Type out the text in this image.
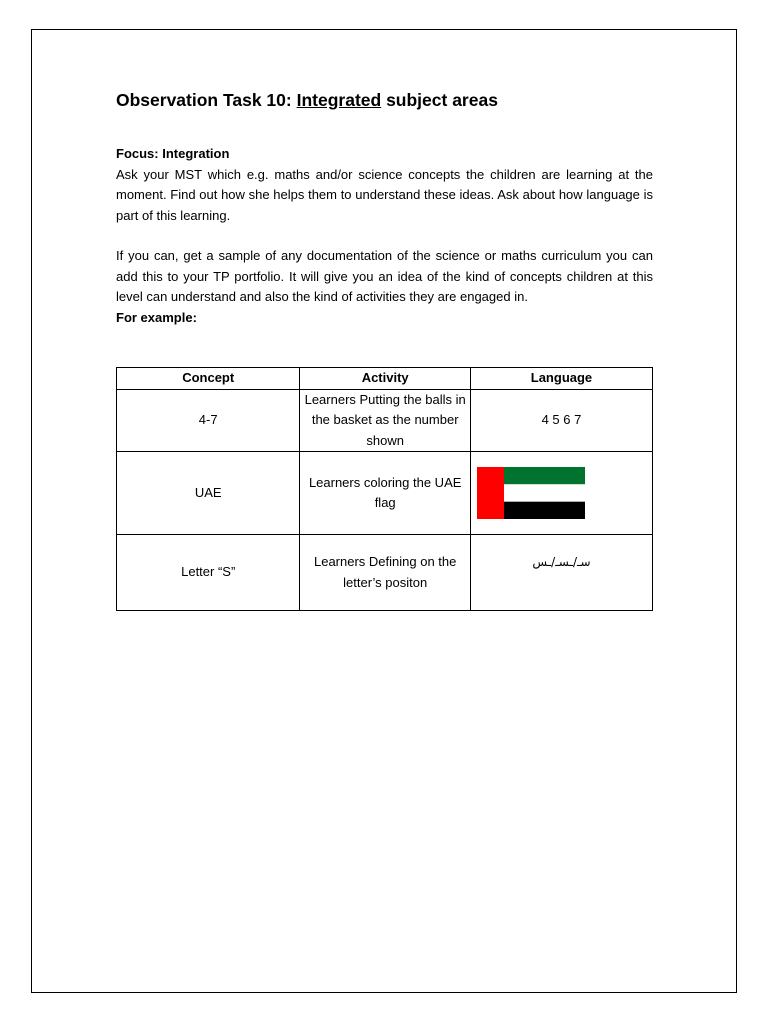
Observation Task 10: Integrated subject areas

Focus: Integration

Ask your MST which e.g. maths and/or science concepts the children are learning at the moment. Find out how she helps them to understand these ideas. Ask about how language is part of this learning.

If you can, get a sample of any documentation of the science or maths curriculum you can add this to your TP portfolio. It will give you an idea of the kind of concepts children at this level can understand and also the kind of activities they are engaged in.

For example:

Concept	Activity	Language
4-7	Learners Putting the balls in the basket as the number shown	4 5 6 7
UAE	Learners coloring the UAE flag	

Letter “S”	Learners Defining on the letter’s positon	سـ/ـسـ/ـس
